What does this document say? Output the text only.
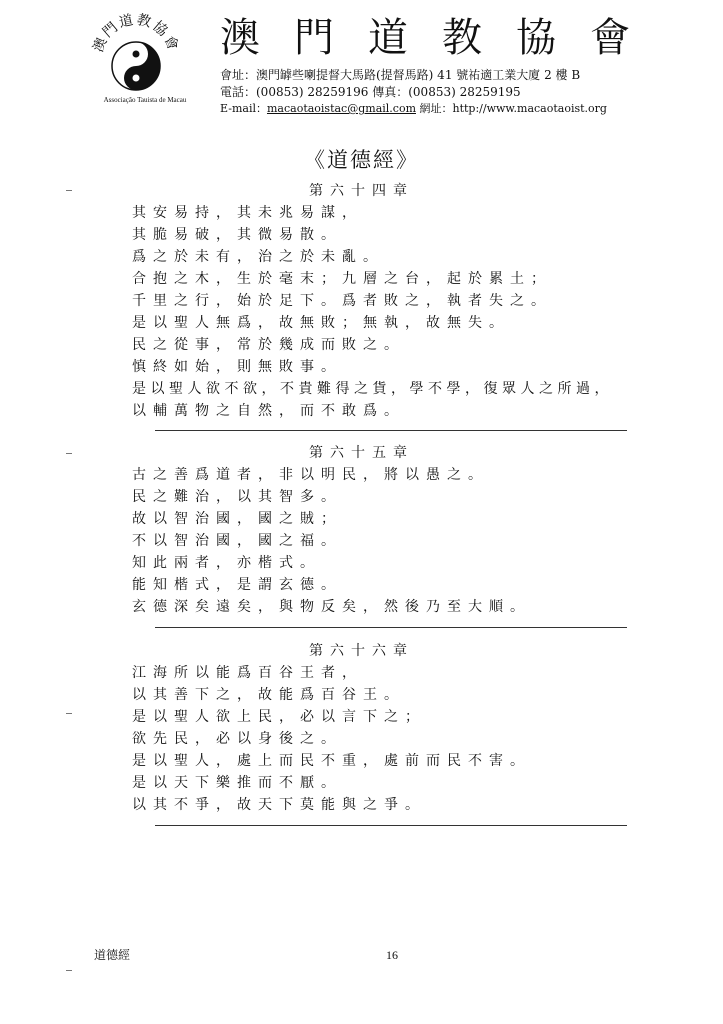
澳門道教協會
Associação Tauista de Macau
澳門道教協會
會址：澳門罅些喇提督大馬路(提督馬路) 41 號祐適工業大廈 2 樓 B
電話：(00853) 28259196 傳真：(00853) 28259195
E-mail：macaotaoistac@gmail.com 網址：http://www.macaotaoist.org
《道德經》
第六十四章
其安易持，其未兆易謀，
其脆易破，其微易散。
爲之於未有，治之於未亂。
合抱之木，生於毫末；九層之台，起於累土；
千里之行，始於足下。爲者敗之，執者失之。
是以聖人無爲，故無敗；無執，故無失。
民之從事，常於幾成而敗之。
慎終如始，則無敗事。
是以聖人欲不欲，不貴難得之貨，學不學，復眾人之所過，
以輔萬物之自然，而不敢爲。
第六十五章
古之善爲道者，非以明民，將以愚之。
民之難治，以其智多。
故以智治國，國之賊；
不以智治國，國之福。
知此兩者，亦楷式。
能知楷式，是謂玄德。
玄德深矣遠矣，與物反矣，然後乃至大順。
第六十六章
江海所以能爲百谷王者，
以其善下之，故能爲百谷王。
是以聖人欲上民，必以言下之；
欲先民，必以身後之。
是以聖人，處上而民不重，處前而民不害。
是以天下樂推而不厭。
以其不爭，故天下莫能與之爭。
道德經	16
